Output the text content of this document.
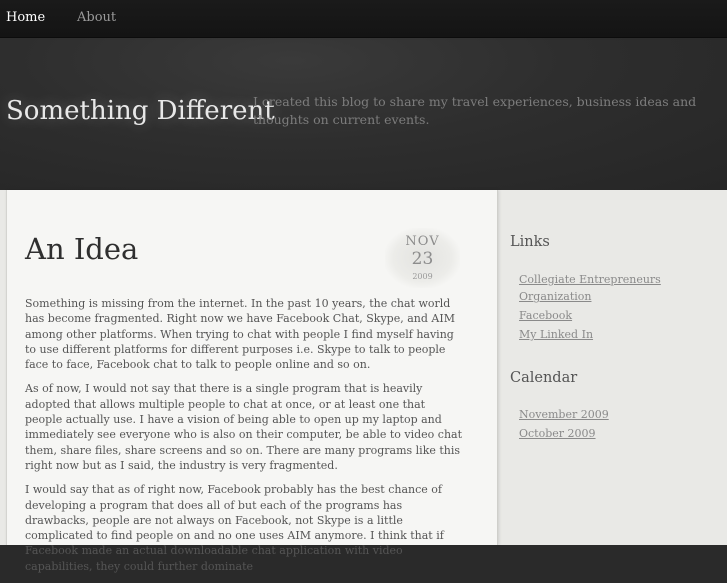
Home About
Something Different
I created this blog to share my travel experiences, business ideas and thoughts on current events.
An Idea	NOV
23
2009

Something is missing from the internet. In the past 10 years, the chat world has become fragmented. Right now we have Facebook Chat, Skype, and AIM among other platforms. When trying to chat with people I find myself having to use different platforms for different purposes i.e. Skype to talk to people face to face, Facebook chat to talk to people online and so on.

As of now, I would not say that there is a single program that is heavily adopted that allows multiple people to chat at once, or at least one that people actually use. I have a vision of being able to open up my laptop and immediately see everyone who is also on their computer, be able to video chat them, share files, share screens and so on. There are many programs like this right now but as I said, the industry is very fragmented.

I would say that as of right now, Facebook probably has the best chance of developing a program that does all of but each of the programs has drawbacks, people are not always on Facebook, not Skype is a little complicated to find people on and no one uses AIM anymore. I think that if Facebook made an actual downloadable chat application with video capabilities, they could further dominate

Links
Collegiate Entrepreneurs Organization
Facebook
My Linked In
Calendar
November 2009
October 2009
